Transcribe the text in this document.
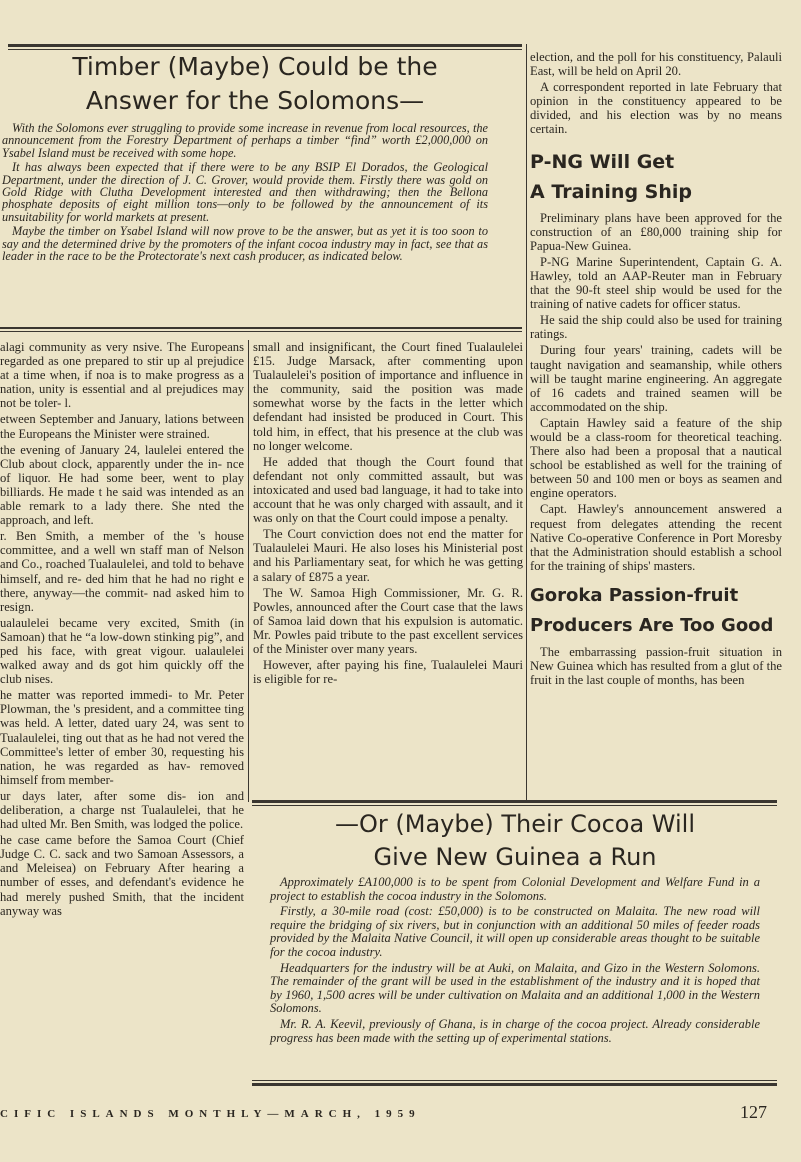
Timber (Maybe) Could be the
Answer for the Solomons—

With the Solomons ever struggling to provide some increase in revenue from local resources, the announcement from the Forestry Department of perhaps a timber “find” worth £2,000,000 on Ysabel Island must be received with some hope.

It has always been expected that if there were to be any BSIP El Dorados, the Geological Department, under the direction of J. C. Grover, would provide them. Firstly there was gold on Gold Ridge with Clutha Development interested and then withdrawing; then the Bellona phosphate deposits of eight million tons—only to be followed by the announcement of its unsuitability for world markets at present.

Maybe the timber on Ysabel Island will now prove to be the answer, but as yet it is too soon to say and the determined drive by the promoters of the infant cocoa industry may in fact, see that as leader in the race to be the Protectorate's next cash producer, as indicated below.

alagi community as very nsive. The Europeans regarded as one prepared to stir up al prejudice at a time when, if noa is to make progress as a nation, unity is essential and al prejudices may not be toler- l.

etween September and January, lations between the Europeans the Minister were strained.

the evening of January 24, laulelei entered the Club about clock, apparently under the in- nce of liquor. He had some beer, went to play billiards. He made t he said was intended as an able remark to a lady there. She nted the approach, and left.

r. Ben Smith, a member of the 's house committee, and a well wn staff man of Nelson and Co., roached Tualaulelei, and told to behave himself, and re- ded him that he had no right e there, anyway—the commit- nad asked him to resign.

ualaulelei became very excited, Smith (in Samoan) that he “a low-down stinking pig”, and ped his face, with great vigour. ualaulelei walked away and ds got him quickly off the club nises.

he matter was reported immedi- to Mr. Peter Plowman, the 's president, and a committee ting was held. A letter, dated uary 24, was sent to Tualaulelei, ting out that as he had not vered the Committee's letter of ember 30, requesting his nation, he was regarded as hav- removed himself from member-

ur days later, after some dis- ion and deliberation, a charge nst Tualaulelei, that he had ulted Mr. Ben Smith, was lodged the police.

he case came before the Samoa Court (Chief Judge C. C. sack and two Samoan Assessors, a and Meleisea) on February After hearing a number of esses, and defendant's evidence he had merely pushed Smith, that the incident anyway was

small and insignificant, the Court fined Tualaulelei £15. Judge Marsack, after commenting upon Tualaulelei's position of importance and influence in the community, said the position was made somewhat worse by the facts in the letter which defendant had insisted be produced in Court. This told him, in effect, that his presence at the club was no longer welcome.

He added that though the Court found that defendant not only committed assault, but was intoxicated and used bad language, it had to take into account that he was only charged with assault, and it was only on that the Court could impose a penalty.

The Court conviction does not end the matter for Tualaulelei Mauri. He also loses his Ministerial post and his Parliamentary seat, for which he was getting a salary of £875 a year.

The W. Samoa High Commissioner, Mr. G. R. Powles, announced after the Court case that the laws of Samoa laid down that his expulsion is automatic. Mr. Powles paid tribute to the past excellent services of the Minister over many years.

However, after paying his fine, Tualaulelei Mauri is eligible for re-

election, and the poll for his constituency, Palauli East, will be held on April 20.

A correspondent reported in late February that opinion in the constituency appeared to be divided, and his election was by no means certain.

P-NG Will Get
A Training Ship

Preliminary plans have been approved for the construction of an £80,000 training ship for Papua-New Guinea.

P-NG Marine Superintendent, Captain G. A. Hawley, told an AAP-Reuter man in February that the 90-ft steel ship would be used for the training of native cadets for officer status.

He said the ship could also be used for training ratings.

During four years' training, cadets will be taught navigation and seamanship, while others will be taught marine engineering. An aggregate of 16 cadets and trained seamen will be accommodated on the ship.

Captain Hawley said a feature of the ship would be a class-room for theoretical teaching. There also had been a proposal that a nautical school be established as well for the training of between 50 and 100 men or boys as seamen and engine operators.

Capt. Hawley's announcement answered a request from delegates attending the recent Native Co-operative Conference in Port Moresby that the Administration should establish a school for the training of ships' masters.

Goroka Passion-fruit
Producers Are Too Good

The embarrassing passion-fruit situation in New Guinea which has resulted from a glut of the fruit in the last couple of months, has been

—Or (Maybe) Their Cocoa Will
Give New Guinea a Run

Approximately £A100,000 is to be spent from Colonial Development and Welfare Fund in a project to establish the cocoa industry in the Solomons.

Firstly, a 30-mile road (cost: £50,000) is to be constructed on Malaita. The new road will require the bridging of six rivers, but in conjunction with an additional 50 miles of feeder roads provided by the Malaita Native Council, it will open up considerable areas thought to be suitable for the cocoa industry.

Headquarters for the industry will be at Auki, on Malaita, and Gizo in the Western Solomons. The remainder of the grant will be used in the establishment of the industry and it is hoped that by 1960, 1,500 acres will be under cultivation on Malaita and an additional 1,000 in the Western Solomons.

Mr. R. A. Keevil, previously of Ghana, is in charge of the cocoa project. Already considerable progress has been made with the setting up of experimental stations.

CIFIC ISLANDS MONTHLY—MARCH, 1959	127
